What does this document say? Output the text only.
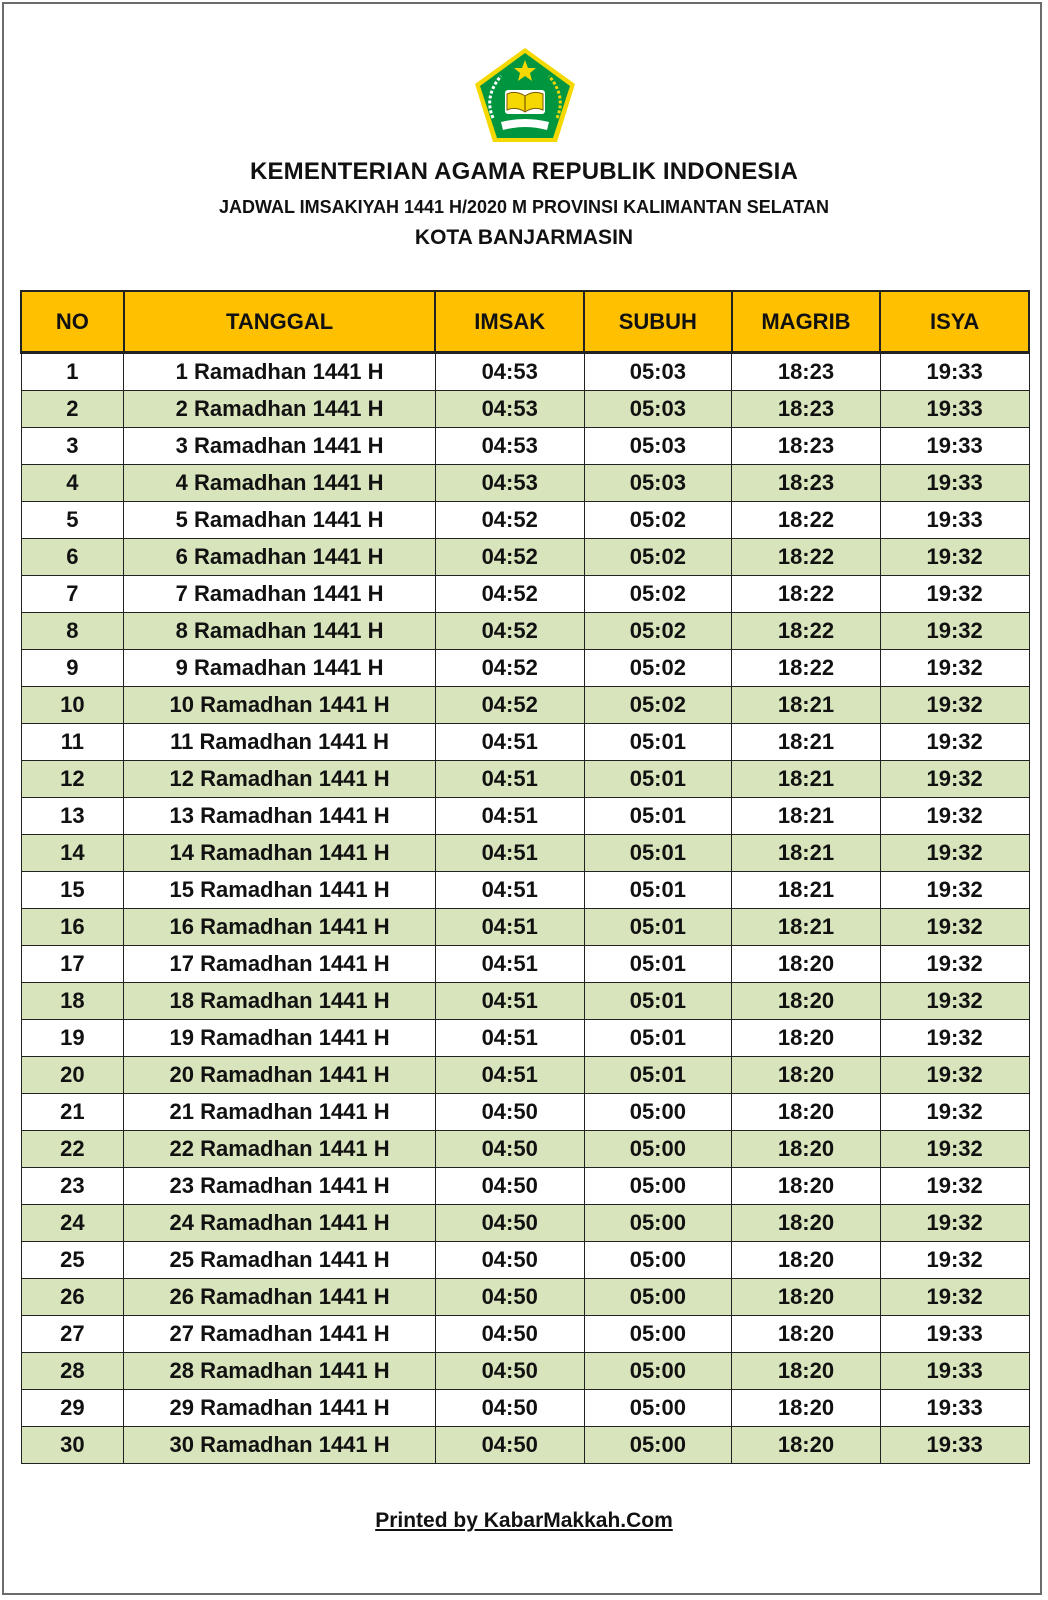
KEMENTERIAN AGAMA REPUBLIK INDONESIA
JADWAL IMSAKIYAH 1441 H/2020 M PROVINSI KALIMANTAN SELATAN
KOTA BANJARMASIN
NO	TANGGAL	IMSAK	SUBUH	MAGRIB	ISYA
1	1 Ramadhan 1441 H	04:53	05:03	18:23	19:33
2	2 Ramadhan 1441 H	04:53	05:03	18:23	19:33
3	3 Ramadhan 1441 H	04:53	05:03	18:23	19:33
4	4 Ramadhan 1441 H	04:53	05:03	18:23	19:33
5	5 Ramadhan 1441 H	04:52	05:02	18:22	19:33
6	6 Ramadhan 1441 H	04:52	05:02	18:22	19:32
7	7 Ramadhan 1441 H	04:52	05:02	18:22	19:32
8	8 Ramadhan 1441 H	04:52	05:02	18:22	19:32
9	9 Ramadhan 1441 H	04:52	05:02	18:22	19:32
10	10 Ramadhan 1441 H	04:52	05:02	18:21	19:32
11	11 Ramadhan 1441 H	04:51	05:01	18:21	19:32
12	12 Ramadhan 1441 H	04:51	05:01	18:21	19:32
13	13 Ramadhan 1441 H	04:51	05:01	18:21	19:32
14	14 Ramadhan 1441 H	04:51	05:01	18:21	19:32
15	15 Ramadhan 1441 H	04:51	05:01	18:21	19:32
16	16 Ramadhan 1441 H	04:51	05:01	18:21	19:32
17	17 Ramadhan 1441 H	04:51	05:01	18:20	19:32
18	18 Ramadhan 1441 H	04:51	05:01	18:20	19:32
19	19 Ramadhan 1441 H	04:51	05:01	18:20	19:32
20	20 Ramadhan 1441 H	04:51	05:01	18:20	19:32
21	21 Ramadhan 1441 H	04:50	05:00	18:20	19:32
22	22 Ramadhan 1441 H	04:50	05:00	18:20	19:32
23	23 Ramadhan 1441 H	04:50	05:00	18:20	19:32
24	24 Ramadhan 1441 H	04:50	05:00	18:20	19:32
25	25 Ramadhan 1441 H	04:50	05:00	18:20	19:32
26	26 Ramadhan 1441 H	04:50	05:00	18:20	19:32
27	27 Ramadhan 1441 H	04:50	05:00	18:20	19:33
28	28 Ramadhan 1441 H	04:50	05:00	18:20	19:33
29	29 Ramadhan 1441 H	04:50	05:00	18:20	19:33
30	30 Ramadhan 1441 H	04:50	05:00	18:20	19:33
Printed by KabarMakkah.Com
